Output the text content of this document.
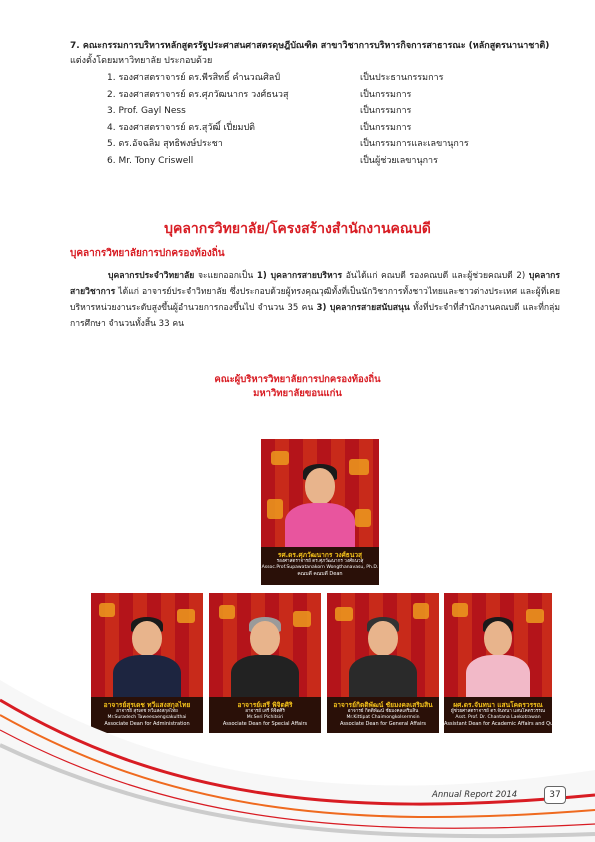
7. คณะกรรมการบริหารหลักสูตรรัฐประศาสนศาสตรดุษฎีบัณฑิต สาขาวิชาการบริหารกิจการสาธารณะ (หลักสูตรนานาชาติ) แต่งตั้งโดยมหาวิทยาลัย ประกอบด้วย
1. รองศาสตราจารย์ ดร.พีรสิทธิ์ คำนวณศิลป์	เป็นประธานกรรมการ
2. รองศาสตราจารย์ ดร.ศุภวัฒนากร วงศ์ธนวสุ	เป็นกรรมการ
3. Prof. Gayl Ness	เป็นกรรมการ
4. รองศาสตราจารย์ ดร.สุวัฒิ์ เปี่ยมปติ	เป็นกรรมการ
5. ดร.อัจฉลิม สุทธิพงษ์ประชา	เป็นกรรมการและเลขานุการ
6. Mr. Tony Criswell	เป็นผู้ช่วยเลขานุการ
บุคลากรวิทยาลัย/โครงสร้างสำนักงานคณบดี
บุคลากรวิทยาลัยการปกครองท้องถิ่น
บุคลากรประจำวิทยาลัย จะแยกออกเป็น 1) บุคลากรสายบริหาร อันได้แก่ คณบดี รองคณบดี และผู้ช่วยคณบดี 2) บุคลากรสายวิชาการ ได้แก่ อาจารย์ประจำวิทยาลัย ซึ่งประกอบด้วยผู้ทรงคุณวุฒิทั้งที่เป็นนักวิชาการทั้งชาวไทยและชาวต่างประเทศ และผู้ที่เคยบริหารหน่วยงานระดับสูงขึ้นผู้อำนวยการกองขึ้นไป จำนวน 35 คน 3) บุคลากรสายสนับสนุน ทั้งที่ประจำที่สำนักงานคณบดี และที่กลุ่มการศึกษา จำนวนทั้งสิ้น 33 คน
คณะผู้บริหารวิทยาลัยการปกครองท้องถิ่น
มหาวิทยาลัยขอนแก่น
รศ.ดร.ศุภวัฒนากร วงศ์ธนวสุ
รองศาสตราจารย์ ดร.ศุภวัฒนากร วงศ์ธนวสุ
Assoc.Prof.Supawatanakorn Wongthanavasu, Ph.D.
คณบดี คณบดี Dean
อาจารย์สุรเดช ทวีแสงสกุลไทย
อาจารย์ สุรเดช ทวีแสงสกุลไทย
Mr.Suradech Taweesaengsakulthai
Associate Dean for Administration
อาจารย์เสรี พิจิตศิริ
อาจารย์ เสรี พิจิตศิริ
Mr.Seri Pichitsiri
Associate Dean for Special Affairs
อาจารย์กิตติพัฒน์ ชัยมงคลเสริมสิน
อาจารย์ กิตติพัฒน์ ชัยมงคลเสริมสิน
Mr.Kittipat Chaimongkolsermsin
Associate Dean for General Affairs
ผศ.ดร.จันทนา แสนโคตรวรรณ
ผู้ช่วยศาสตราจารย์ ดร.จันทนา แสนโคตรวรรณ
Asst. Prof. Dr. Chantana Laekotrawan
Assistant Dean for Academic Affairs and Quality Assurance
Annual Report 2014	37
